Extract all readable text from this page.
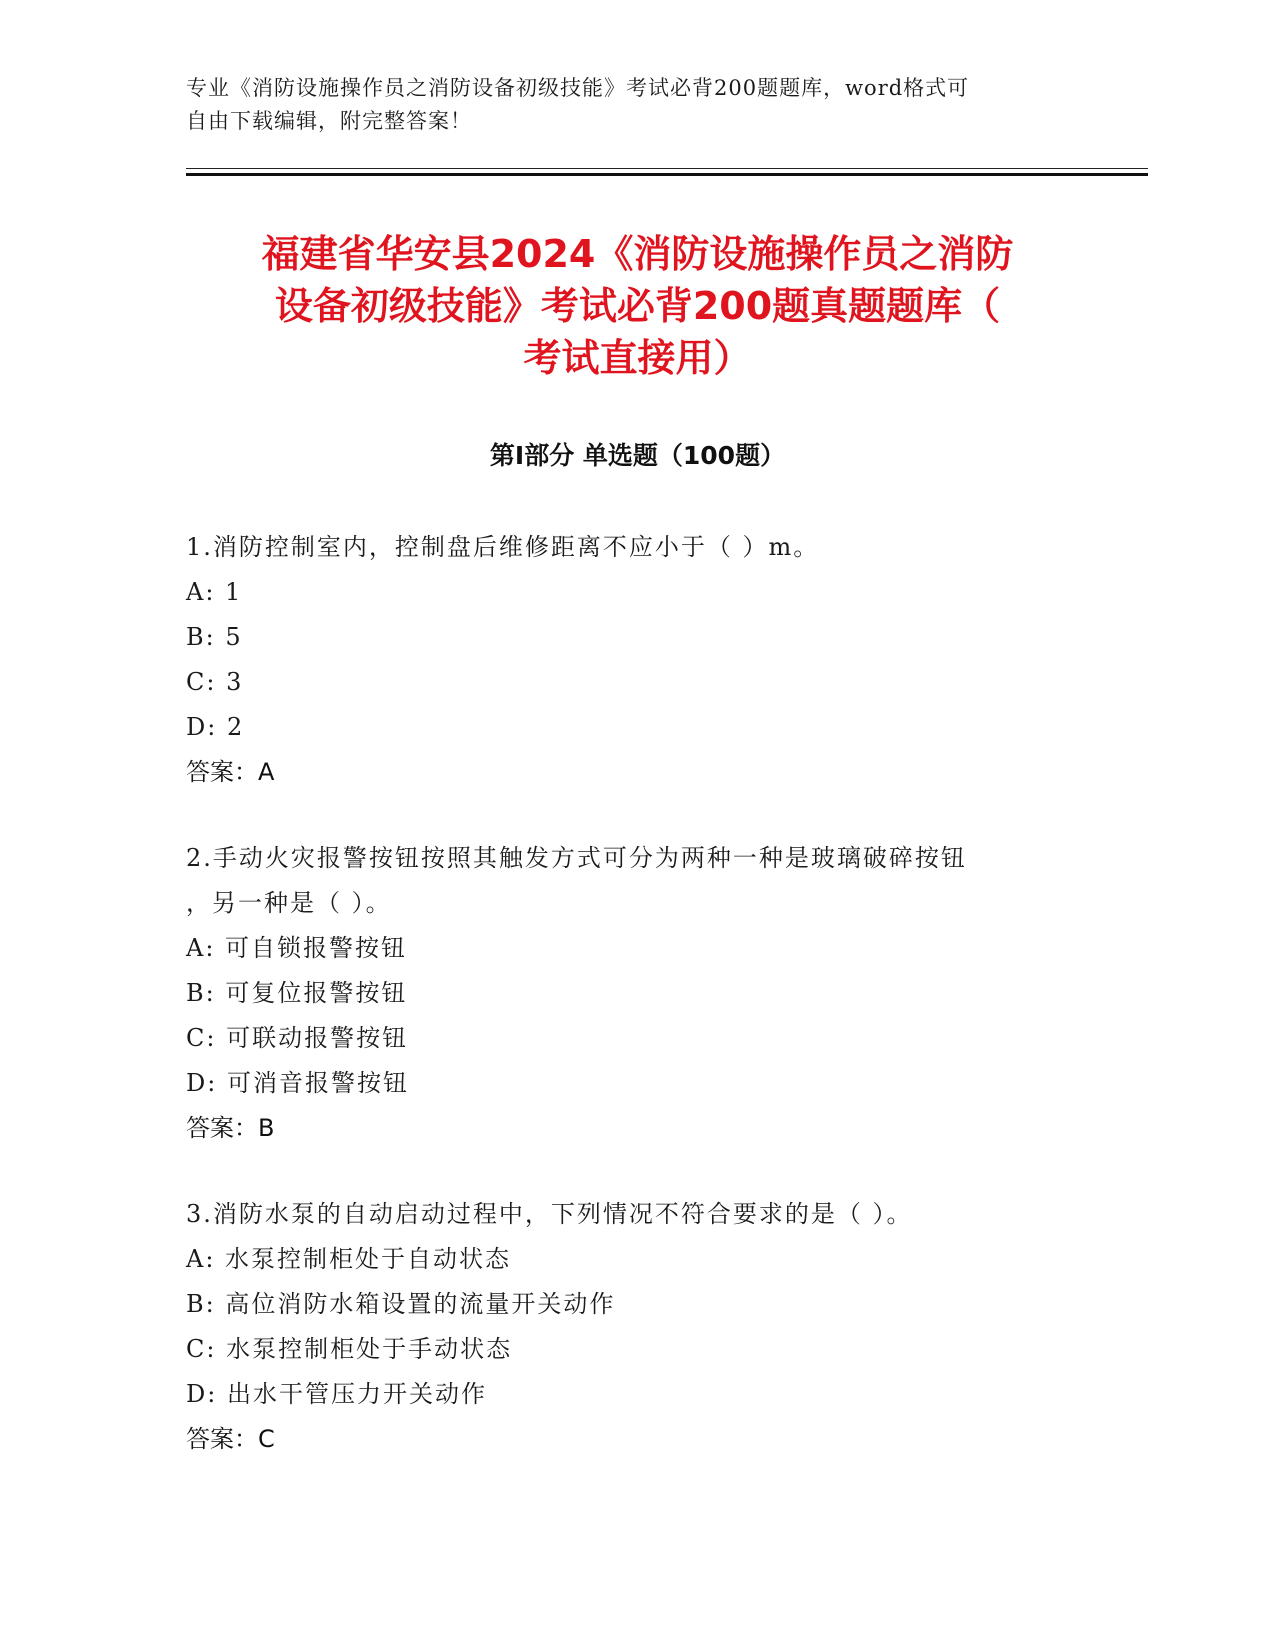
专业《消防设施操作员之消防设备初级技能》考试必背200题题库，word格式可
自由下载编辑，附完整答案！
福建省华安县2024《消防设施操作员之消防
设备初级技能》考试必背200题真题题库（
考试直接用）
第Ⅰ部分 单选题（100题）
1.消防控制室内，控制盘后维修距离不应小于（ ）m。
A: 1
B: 5
C: 3
D: 2
答案：A
2.手动火灾报警按钮按照其触发方式可分为两种一种是玻璃破碎按钮
，另一种是（ ）。
A: 可自锁报警按钮
B: 可复位报警按钮
C: 可联动报警按钮
D: 可消音报警按钮
答案：B
3.消防水泵的自动启动过程中，下列情况不符合要求的是（ ）。
A: 水泵控制柜处于自动状态
B: 高位消防水箱设置的流量开关动作
C: 水泵控制柜处于手动状态
D: 出水干管压力开关动作
答案：C
